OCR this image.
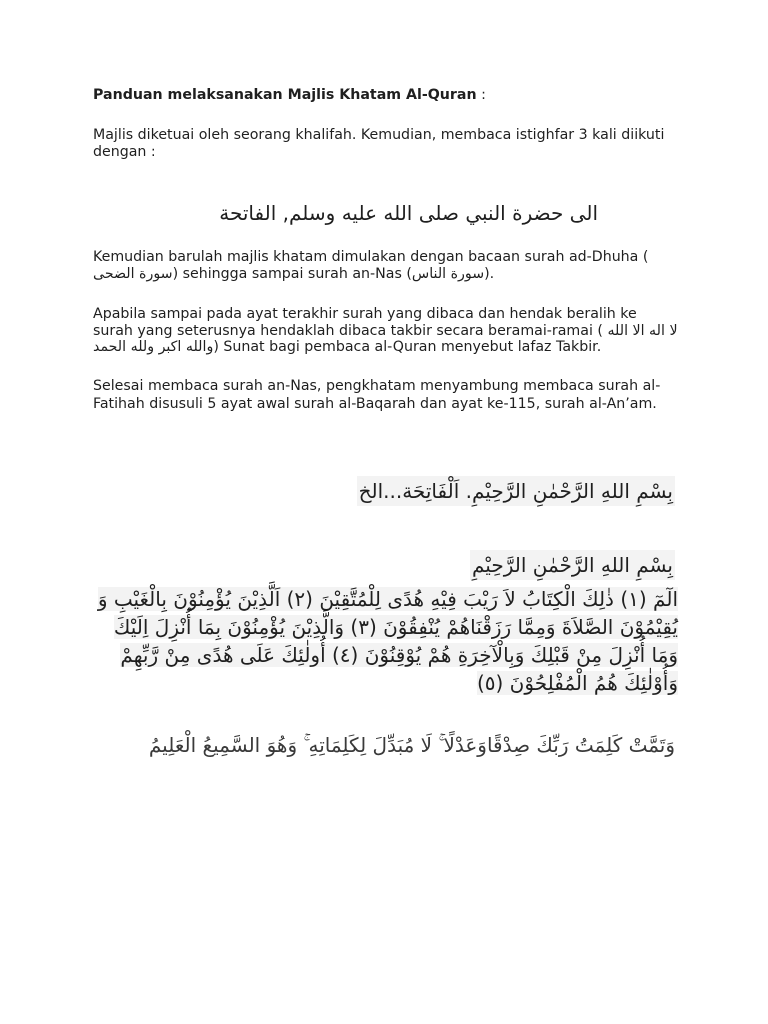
Panduan melaksanakan Majlis Khatam Al-Quran :

Majlis diketuai oleh seorang khalifah. Kemudian, membaca istighfar 3 kali diikuti dengan :

الى حضرة النبي صلى الله عليه وسلم, الفاتحة

Kemudian barulah majlis khatam dimulakan dengan bacaan surah ad-Dhuha ( سورة الضحى) sehingga sampai surah an-Nas (سورة الناس).

Apabila sampai pada ayat terakhir surah yang dibaca dan hendak beralih ke surah yang seterusnya hendaklah dibaca takbir secara beramai-ramai ( لا اله الا الله والله اكبر ولله الحمد) Sunat bagi pembaca al-Quran menyebut lafaz Takbir.

Selesai membaca surah an-Nas, pengkhatam menyambung membaca surah al-Fatihah disusuli 5 ayat awal surah al-Baqarah dan ayat ke-115, surah al-An’am.

بِسْمِ اللهِ الرَّحْمٰنِ الرَّحِيْمِ. اَلْفَاتِحَة...الخ
بِسْمِ اللهِ الرَّحْمٰنِ الرَّحِيْمِ
الٓمٓ (١) ذٰلِكَ الْكِتَابُ لاَ رَيْبَ فِيْهِ هُدًى لِلْمُتَّقِيْنَ (٢) اَلَّذِيْنَ يُؤْمِنُوْنَ بِالْغَيْبِ وَ يُقِيْمُوْنَ الصَّلاَةَ وَمِمَّا رَزَقْنَاهُمْ يُنْفِقُوْنَ (٣) وَالَّذِيْنَ يُؤْمِنُوْنَ بِمَا أُنْزِلَ اِلَيْكَ وَمَا أُنْزِلَ مِنْ قَبْلِكَ وَبِالْآخِرَةِ هُمْ يُوْقِنُوْنَ (٤) أُولٰئِكَ عَلَى هُدًى مِنْ رَّبِّهِمْ وَأُوْلٰئِكَ هُمُ الْمُفْلِحُوْنَ (٥)
وَتَمَّتْ كَلِمَتُ رَبِّكَ صِدْقًاوَعَدْلًا ۚ لَا مُبَدِّلَ لِكَلِمَاتِهِ ۚ وَهُوَ السَّمِيعُ الْعَلِيمُ
